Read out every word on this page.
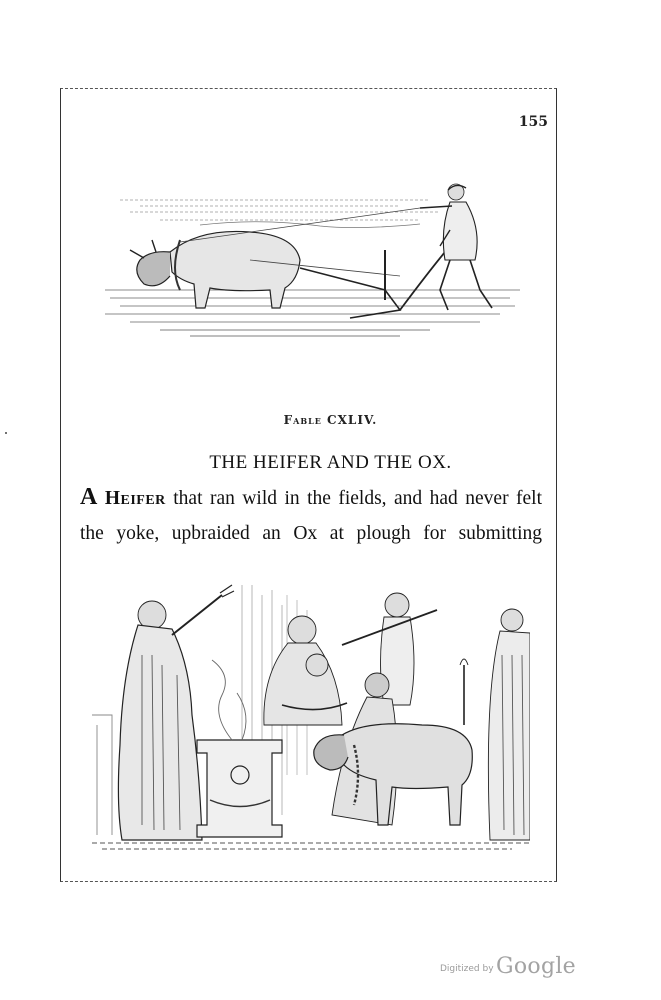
155
Fable CXLIV.
THE HEIFER AND THE OX.
A Heifer that ran wild in the fields, and had never felt
the yoke, upbraided an Ox at plough for submitting
Digitized by Google
